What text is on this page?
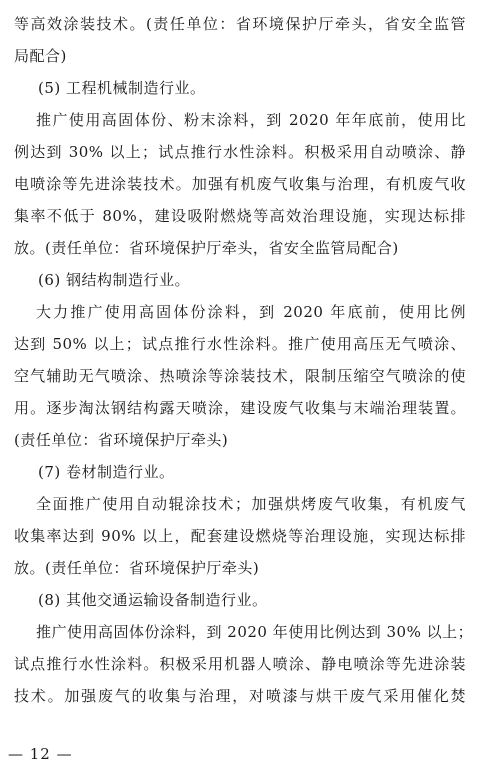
等高效涂装技术。(责任单位：省环境保护厅牵头，省安全监管
局配合)
(5) 工程机械制造行业。
推广使用高固体份、粉末涂料，到 2020 年年底前，使用比
例达到 30% 以上；试点推行水性涂料。积极采用自动喷涂、静
电喷涂等先进涂装技术。加强有机废气收集与治理，有机废气收
集率不低于 80%，建设吸附燃烧等高效治理设施，实现达标排
放。(责任单位：省环境保护厅牵头，省安全监管局配合)
(6) 钢结构制造行业。
大力推广使用高固体份涂料，到 2020 年底前，使用比例
达到 50% 以上；试点推行水性涂料。推广使用高压无气喷涂、
空气辅助无气喷涂、热喷涂等涂装技术，限制压缩空气喷涂的使
用。逐步淘汰钢结构露天喷涂，建设废气收集与末端治理装置。
(责任单位：省环境保护厅牵头)
(7) 卷材制造行业。
全面推广使用自动辊涂技术；加强烘烤废气收集，有机废气
收集率达到 90% 以上，配套建设燃烧等治理设施，实现达标排
放。(责任单位：省环境保护厅牵头)
(8) 其他交通运输设备制造行业。
推广使用高固体份涂料，到 2020 年使用比例达到 30% 以上；
试点推行水性涂料。积极采用机器人喷涂、静电喷涂等先进涂装
技术。加强废气的收集与治理，对喷漆与烘干废气采用催化焚
— 12 —
